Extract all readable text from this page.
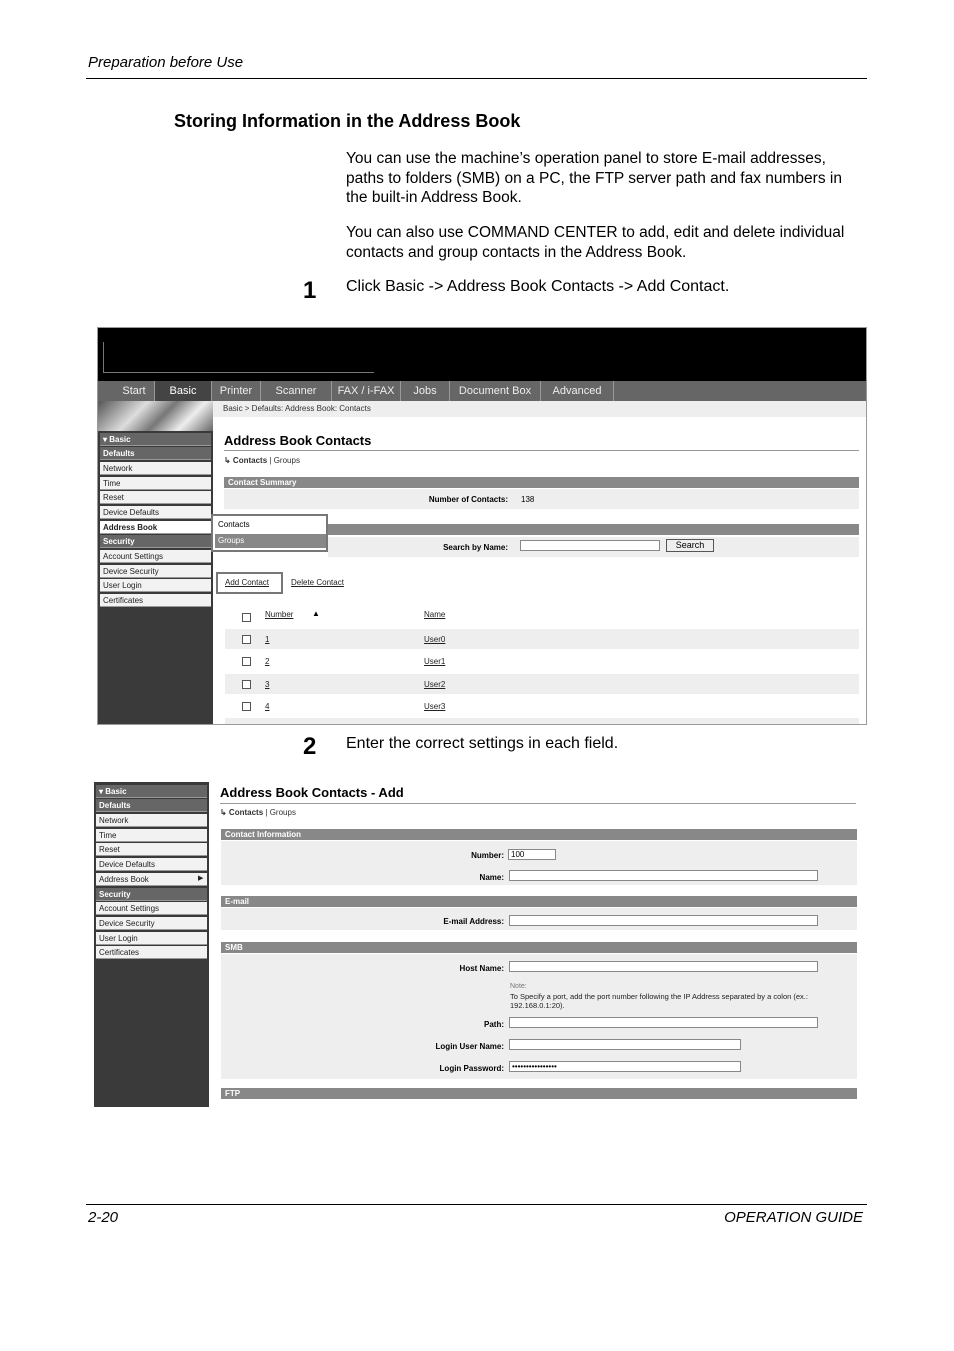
Preparation before Use
Storing Information in the Address Book
You can use the machine’s operation panel to store E-mail addresses, paths to folders (SMB) on a PC, the FTP server path and fax numbers in the built-in Address Book.
You can also use COMMAND CENTER to add, edit and delete individual contacts and group contacts in the Address Book.
1 Click Basic -> Address Book Contacts -> Add Contact.
Start	Basic	Printer	Scanner	FAX / i-FAX	Jobs	Document Box	Advanced
Basic > Defaults: Address Book: Contacts
▾ Basic
Defaults
Network
Time
Reset
Device Defaults
Address Book
Security
Account Settings
Device Security
User Login
Certificates
Contacts
Groups
Address Book Contacts
↳ Contacts | Groups
Contact Summary
Number of Contacts: 138
Search by Name:	Search
Add Contact	Delete Contact
Number ▲	Name
1	User0
2	User1
3	User2
4	User3
2 Enter the correct settings in each field.
▾ Basic
Defaults
Network
Time
Reset
Device Defaults
Address Book	▶
Security
Account Settings
Device Security
User Login
Certificates
Address Book Contacts - Add
↳ Contacts | Groups
Contact Information
Number: 100
Name:
E-mail
E-mail Address:
SMB
Host Name:
Note:
To Specify a port, add the port number following the IP Address separated by a colon (ex.: 192.168.0.1:20).
Path:
Login User Name:
Login Password:	••••••••••••••••
FTP
2-20	OPERATION GUIDE
